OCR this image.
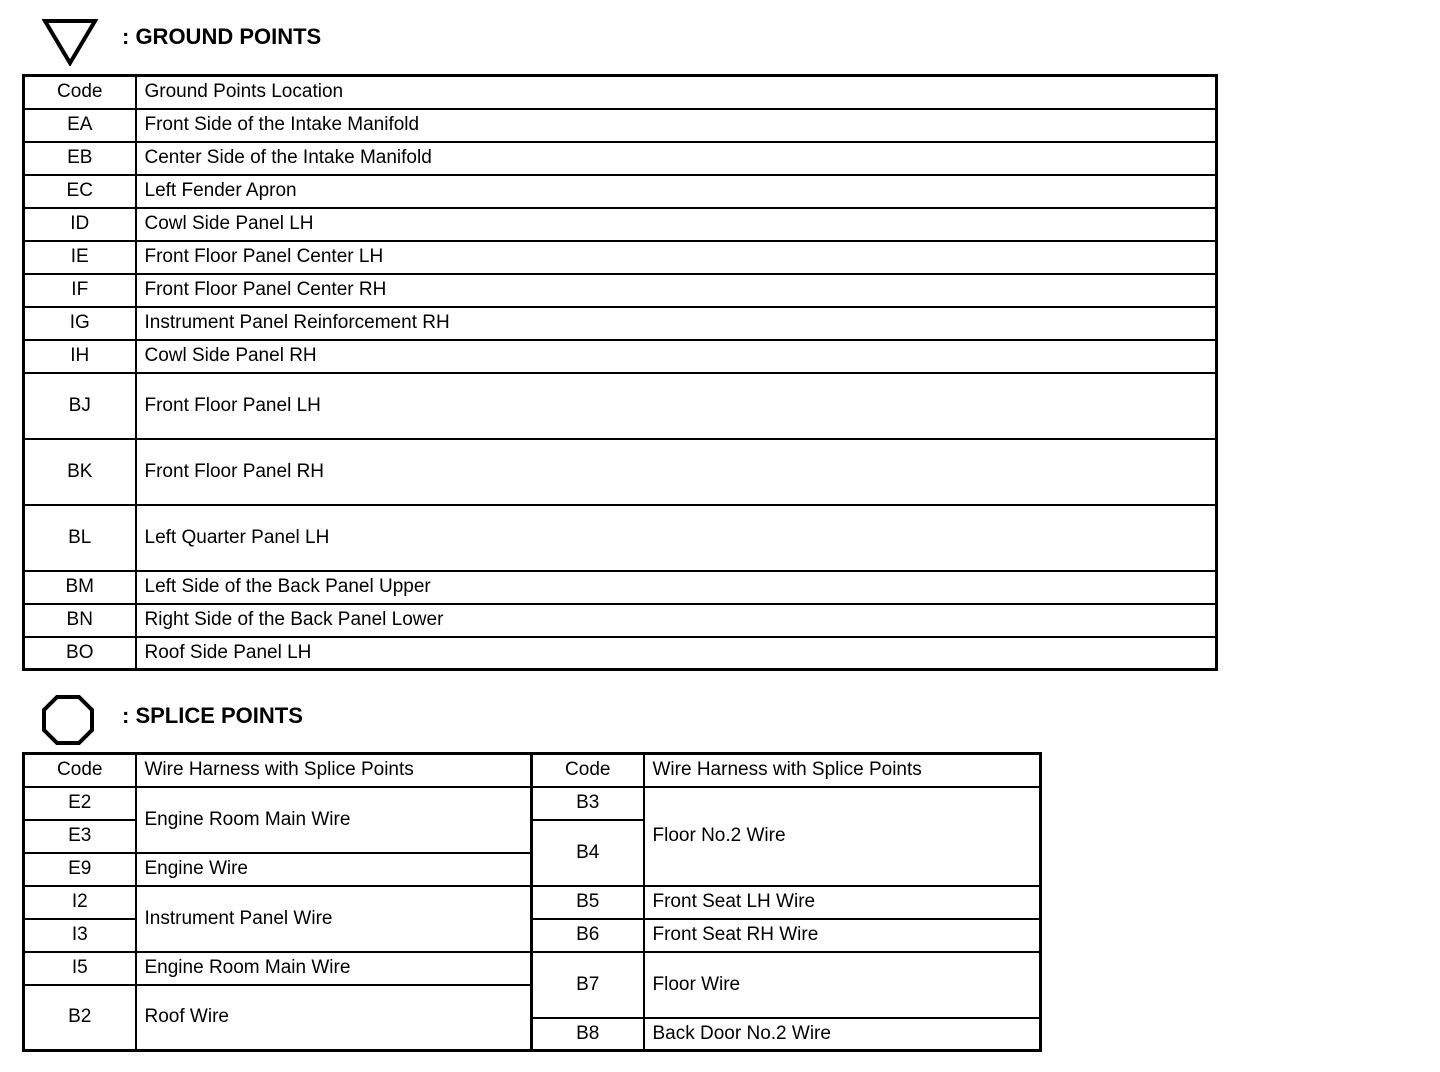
: GROUND POINTS
Code	Ground Points Location
EA	Front Side of the Intake Manifold
EB	Center Side of the Intake Manifold
EC	Left Fender Apron
ID	Cowl Side Panel LH
IE	Front Floor Panel Center LH
IF	Front Floor Panel Center RH
IG	Instrument Panel Reinforcement RH
IH	Cowl Side Panel RH
BJ	Front Floor Panel LH
BK	Front Floor Panel RH
BL	Left Quarter Panel LH
BM	Left Side of the Back Panel Upper
BN	Right Side of the Back Panel Lower
BO	Roof Side Panel LH
: SPLICE POINTS
Code	Wire Harness with Splice Points	Code	Wire Harness with Splice Points
E2	Engine Room Main Wire	B3	Floor No.2 Wire
E3		B4	
E9	Engine Wire		
I2	Instrument Panel Wire	B5	Front Seat LH Wire
I3		B6	Front Seat RH Wire
I5	Engine Room Main Wire	B7	Floor Wire
B2	Roof Wire		
		B8	Back Door No.2 Wire
